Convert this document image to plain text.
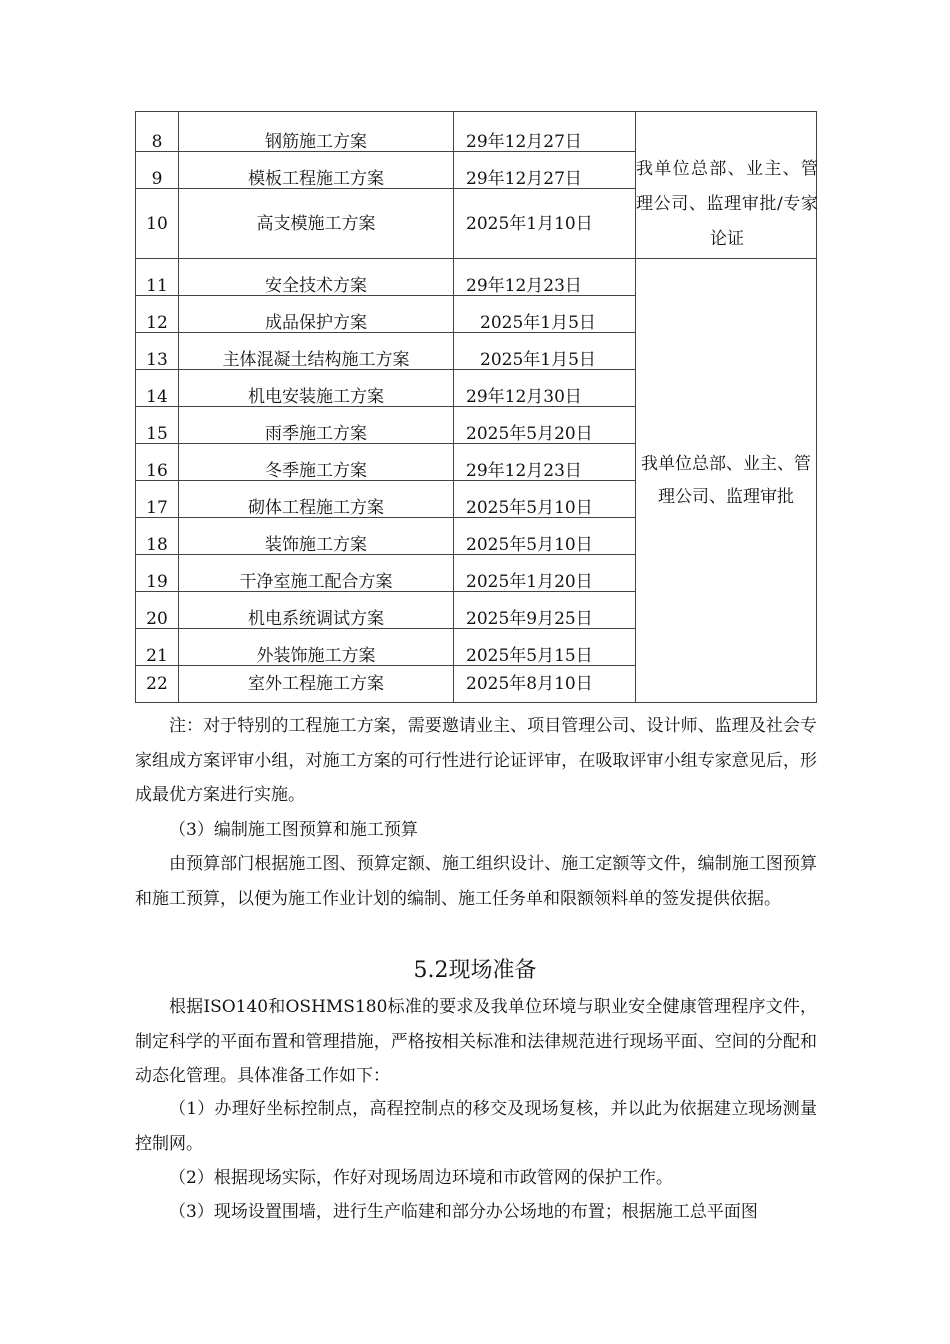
8	钢筋施工方案	29年12月27日	我单位总部、业主、管理公司、监理审批/专家论证

9	模板工程施工方案	29年12月27日	
10	高支模施工方案	2025年1月10日	
11	安全技术方案	29年12月23日	我单位总部、业主、管理公司、监理审批

12	成品保护方案	2025年1月5日	
13	主体混凝土结构施工方案	2025年1月5日	
14	机电安装施工方案	29年12月30日	
15	雨季施工方案	2025年5月20日	
16	冬季施工方案	29年12月23日	
17	砌体工程施工方案	2025年5月10日	
18	装饰施工方案	2025年5月10日	
19	干净室施工配合方案	2025年1月20日	
20	机电系统调试方案	2025年9月25日	
21	外装饰施工方案	2025年5月15日	
22	室外工程施工方案	2025年8月10日	
注：对于特别的工程施工方案，需要邀请业主、项目管理公司、设计师、监理及社会专家组成方案评审小组，对施工方案的可行性进行论证评审，在吸取评审小组专家意见后，形成最优方案进行实施。
（3）编制施工图预算和施工预算
由预算部门根据施工图、预算定额、施工组织设计、施工定额等文件，编制施工图预算和施工预算，以便为施工作业计划的编制、施工任务单和限额领料单的签发提供依据。
5.2现场准备
根据ISO140和OSHMS180标准的要求及我单位环境与职业安全健康管理程序文件，制定科学的平面布置和管理措施，严格按相关标准和法律规范进行现场平面、空间的分配和动态化管理。具体准备工作如下：
（1）办理好坐标控制点，高程控制点的移交及现场复核，并以此为依据建立现场测量控制网。
（2）根据现场实际，作好对现场周边环境和市政管网的保护工作。
（3）现场设置围墙，进行生产临建和部分办公场地的布置；根据施工总平面图
